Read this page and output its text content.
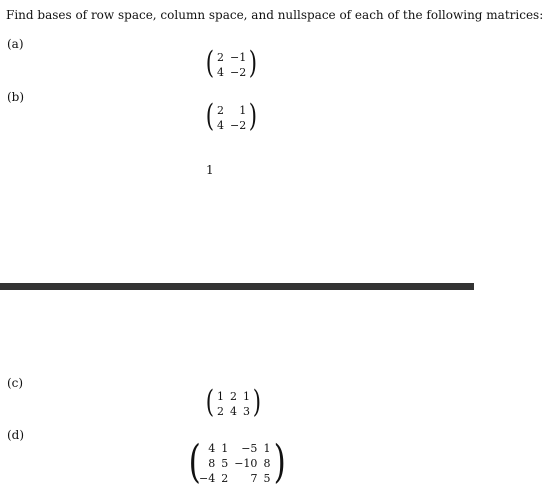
Find bases of row space, column space, and nullspace of each of the following matrices:
(a)
( 2	−1
4	−2 )
(b)
( 2	1
4	−2 )
1
(c)
( 1	2	1
2	4	3 )
(d)
( 4	1	−5	1
8	5	−10	8
−4	2	7	5 )
